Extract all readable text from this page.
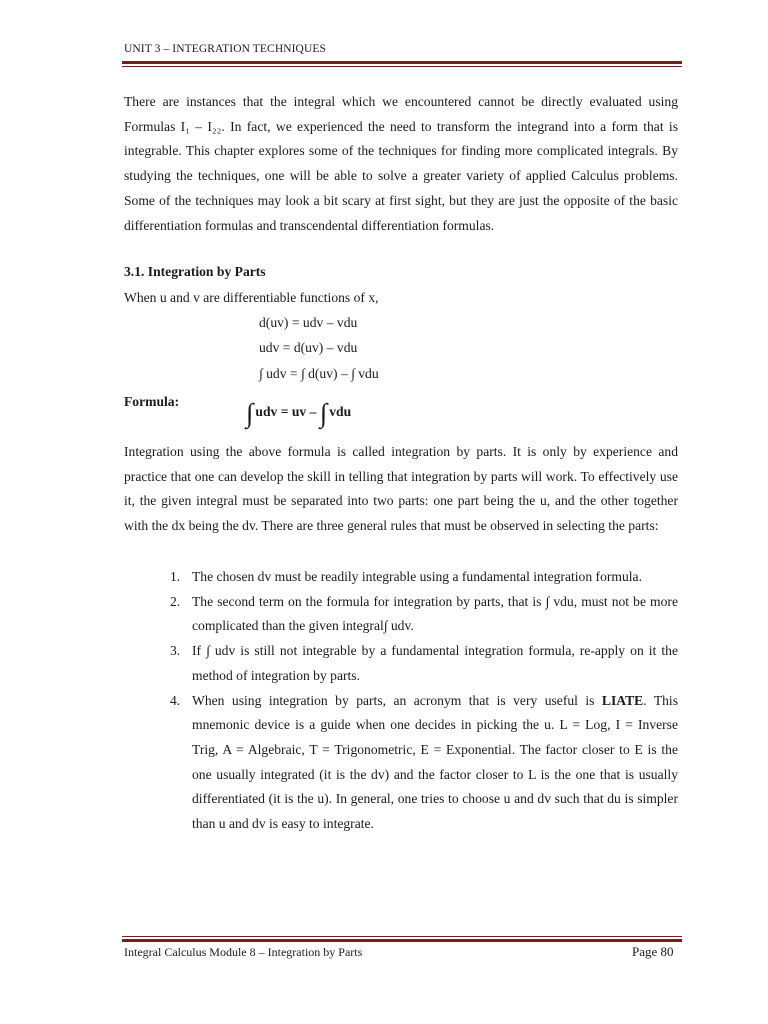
UNIT 3 – INTEGRATION TECHNIQUES
There are instances that the integral which we encountered cannot be directly evaluated using Formulas I₁ – I₂₂. In fact, we experienced the need to transform the integrand into a form that is integrable. This chapter explores some of the techniques for finding more complicated integrals. By studying the techniques, one will be able to solve a greater variety of applied Calculus problems. Some of the techniques may look a bit scary at first sight, but they are just the opposite of the basic differentiation formulas and transcendental differentiation formulas.
3.1. Integration by Parts
When u and v are differentiable functions of x,
d(uv) = udv – vdu
udv = d(uv) – vdu
∫ udv = ∫ d(uv) – ∫ vdu
Formula: ∫ udv = uv – ∫ vdu
Integration using the above formula is called integration by parts. It is only by experience and practice that one can develop the skill in telling that integration by parts will work. To effectively use it, the given integral must be separated into two parts: one part being the u, and the other together with the dx being the dv. There are three general rules that must be observed in selecting the parts:
1. The chosen dv must be readily integrable using a fundamental integration formula.
2. The second term on the formula for integration by parts, that is ∫ vdu, must not be more complicated than the given integral∫ udv.
3. If ∫ udv is still not integrable by a fundamental integration formula, re-apply on it the method of integration by parts.
4. When using integration by parts, an acronym that is very useful is LIATE. This mnemonic device is a guide when one decides in picking the u. L = Log, I = Inverse Trig, A = Algebraic, T = Trigonometric, E = Exponential. The factor closer to E is the one usually integrated (it is the dv) and the factor closer to L is the one that is usually differentiated (it is the u). In general, one tries to choose u and dv such that du is simpler than u and dv is easy to integrate.
Integral Calculus Module 8 – Integration by Parts	Page 80
